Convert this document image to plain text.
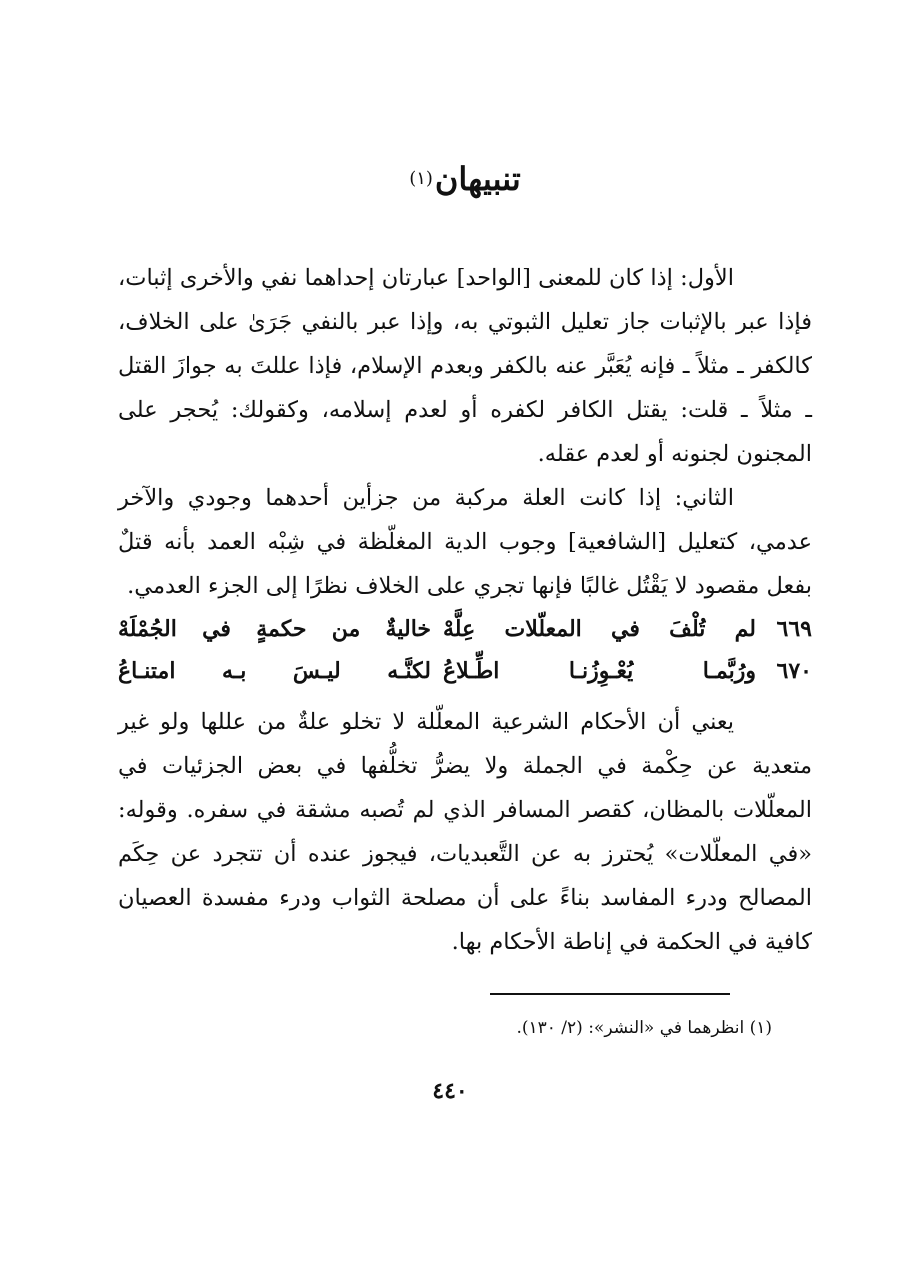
تنبيهان(١)

الأول: إذا كان للمعنى [الواحد] عبارتان إحداهما نفي والأخرى إثبات، فإذا عبر بالإثبات جاز تعليل الثبوتي به، وإذا عبر بالنفي جَرَىٰ على الخلاف، كالكفر ـ مثلاً ـ فإنه يُعَبَّر عنه بالكفر وبعدم الإسلام، فإذا عللتَ به جوازَ القتل ـ مثلاً ـ قلت: يقتل الكافر لكفره أو لعدم إسلامه، وكقولك: يُحجر على المجنون لجنونه أو لعدم عقله.

الثاني: إذا كانت العلة مركبة من جزأين أحدهما وجودي والآخر عدمي، كتعليل [الشافعية] وجوب الدية المغلّظة في شِبْه العمد بأنه قتلٌ بفعل مقصود لا يَقْتُل غالبًا فإنها تجري على الخلاف نظرًا إلى الجزء العدمي.

٦٦٩
لم تُلْفَ في المعلّلات عِلَّهْ
خاليةٌ من حكمةٍ في الجُمْلَهْ
٦٧٠
ورُبَّمـا يُعْـوِزُنـا اطِّـلاعُ
لكنَّـه ليـسَ بـه امتنـاعُ

يعني أن الأحكام الشرعية المعلّلة لا تخلو علةٌ من عللها ولو غير متعدية عن حِكْمة في الجملة ولا يضرُّ تخلُّفها في بعض الجزئيات في المعلّلات بالمظان، كقصر المسافر الذي لم تُصبه مشقة في سفره. وقوله: «في المعلّلات» يُحترز به عن التَّعبديات، فيجوز عنده أن تتجرد عن حِكَم المصالح ودرء المفاسد بناءً على أن مصلحة الثواب ودرء مفسدة العصيان كافية في الحكمة في إناطة الأحكام بها.

(١) انظرهما في «النشر»: (٢/ ١٣٠).
٤٤٠
